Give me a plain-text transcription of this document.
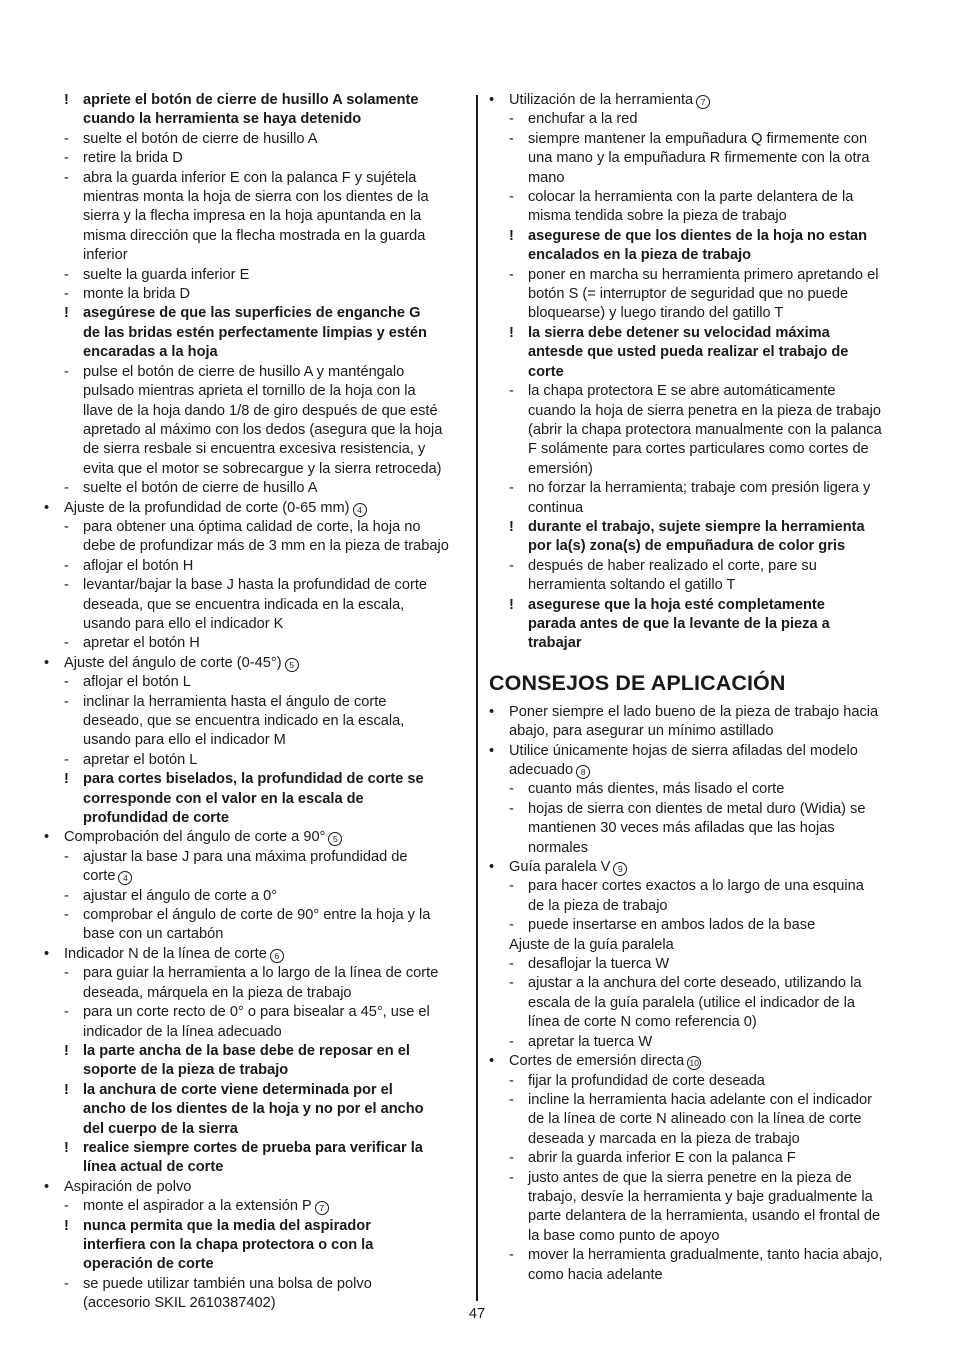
! apriete el botón de cierre de husillo A solamente
cuando la herramienta se haya detenido
- suelte el botón de cierre de husillo A
- retire la brida D
- abra la guarda inferior E con la palanca F y sujétela
mientras monta la hoja de sierra con los dientes de la
sierra y la flecha impresa en la hoja apuntanda en la
misma dirección que la flecha mostrada en la guarda
inferior
- suelte la guarda inferior E
- monte la brida D
! asegúrese de que las superficies de enganche G
de las bridas estén perfectamente limpias y estén
encaradas a la hoja
- pulse el botón de cierre de husillo A y manténgalo
pulsado mientras aprieta el tornillo de la hoja con la
llave de la hoja dando 1/8 de giro después de que esté
apretado al máximo con los dedos (asegura que la hoja
de sierra resbale si encuentra excesiva resistencia, y
evita que el motor se sobrecargue y la sierra retroceda)
- suelte el botón de cierre de husillo A
• Ajuste de la profundidad de corte (0-65 mm) 4
- para obtener una óptima calidad de corte, la hoja no
debe de profundizar más de 3 mm en la pieza de trabajo
- aflojar el botón H
- levantar/bajar la base J hasta la profundidad de corte
deseada, que se encuentra indicada en la escala,
usando para ello el indicador K
- apretar el botón H
• Ajuste del ángulo de corte (0-45°) 5
- aflojar el botón L
- inclinar la herramienta hasta el ángulo de corte
deseado, que se encuentra indicado en la escala,
usando para ello el indicador M
- apretar el botón L
! para cortes biselados, la profundidad de corte se
corresponde con el valor en la escala de
profundidad de corte
• Comprobación del ángulo de corte a 90° 5
- ajustar la base J para una máxima profundidad de
corte 4
- ajustar el ángulo de corte a 0°
- comprobar el ángulo de corte de 90° entre la hoja y la
base con un cartabón
• Indicador N de la línea de corte 6
- para guiar la herramienta a lo largo de la línea de corte
deseada, márquela en la pieza de trabajo
- para un corte recto de 0° o para bisealar a 45°, use el
indicador de la línea adecuado
! la parte ancha de la base debe de reposar en el
soporte de la pieza de trabajo
! la anchura de corte viene determinada por el
ancho de los dientes de la hoja y no por el ancho
del cuerpo de la sierra
! realice siempre cortes de prueba para verificar la
línea actual de corte
• Aspiración de polvo
- monte el aspirador a la extensión P 7
! nunca permita que la media del aspirador
interfiera con la chapa protectora o con la
operación de corte
- se puede utilizar también una bolsa de polvo
(accesorio SKIL 2610387402)
• Utilización de la herramienta 7
- enchufar a la red
- siempre mantener la empuñadura Q firmemente con
una mano y la empuñadura R firmemente con la otra
mano
- colocar la herramienta con la parte delantera de la
misma tendida sobre la pieza de trabajo
! asegurese de que los dientes de la hoja no estan
encalados en la pieza de trabajo
- poner en marcha su herramienta primero apretando el
botón S (= interruptor de seguridad que no puede
bloquearse) y luego tirando del gatillo T
! la sierra debe detener su velocidad máxima
antesde que usted pueda realizar el trabajo de
corte
- la chapa protectora E se abre automáticamente
cuando la hoja de sierra penetra en la pieza de trabajo
(abrir la chapa protectora manualmente con la palanca
F solámente para cortes particulares como cortes de
emersión)
- no forzar la herramienta; trabaje com presión ligera y
continua
! durante el trabajo, sujete siempre la herramienta
por la(s) zona(s) de empuñadura de color gris
- después de haber realizado el corte, pare su
herramienta soltando el gatillo T
! asegurese que la hoja esté completamente
parada antes de que la levante de la pieza a
trabajar
CONSEJOS DE APLICACIÓN
• Poner siempre el lado bueno de la pieza de trabajo hacia
abajo, para asegurar un mínimo astillado
• Utilice únicamente hojas de sierra afiladas del modelo
adecuado 8
- cuanto más dientes, más lisado el corte
- hojas de sierra con dientes de metal duro (Widia) se
mantienen 30 veces más afiladas que las hojas
normales
• Guía paralela V 9
- para hacer cortes exactos a lo largo de una esquina
de la pieza de trabajo
- puede insertarse en ambos lados de la base
Ajuste de la guía paralela
- desaflojar la tuerca W
- ajustar a la anchura del corte deseado, utilizando la
escala de la guía paralela (utilice el indicador de la
línea de corte N como referencia 0)
- apretar la tuerca W
• Cortes de emersión directa 10
- fijar la profundidad de corte deseada
- incline la herramienta hacia adelante con el indicador
de la línea de corte N alineado con la línea de corte
deseada y marcada en la pieza de trabajo
- abrir la guarda inferior E con la palanca F
- justo antes de que la sierra penetre en la pieza de
trabajo, desvíe la herramienta y baje gradualmente la
parte delantera de la herramienta, usando el frontal de
la base como punto de apoyo
- mover la herramienta gradualmente, tanto hacia abajo,
como hacia adelante
47
